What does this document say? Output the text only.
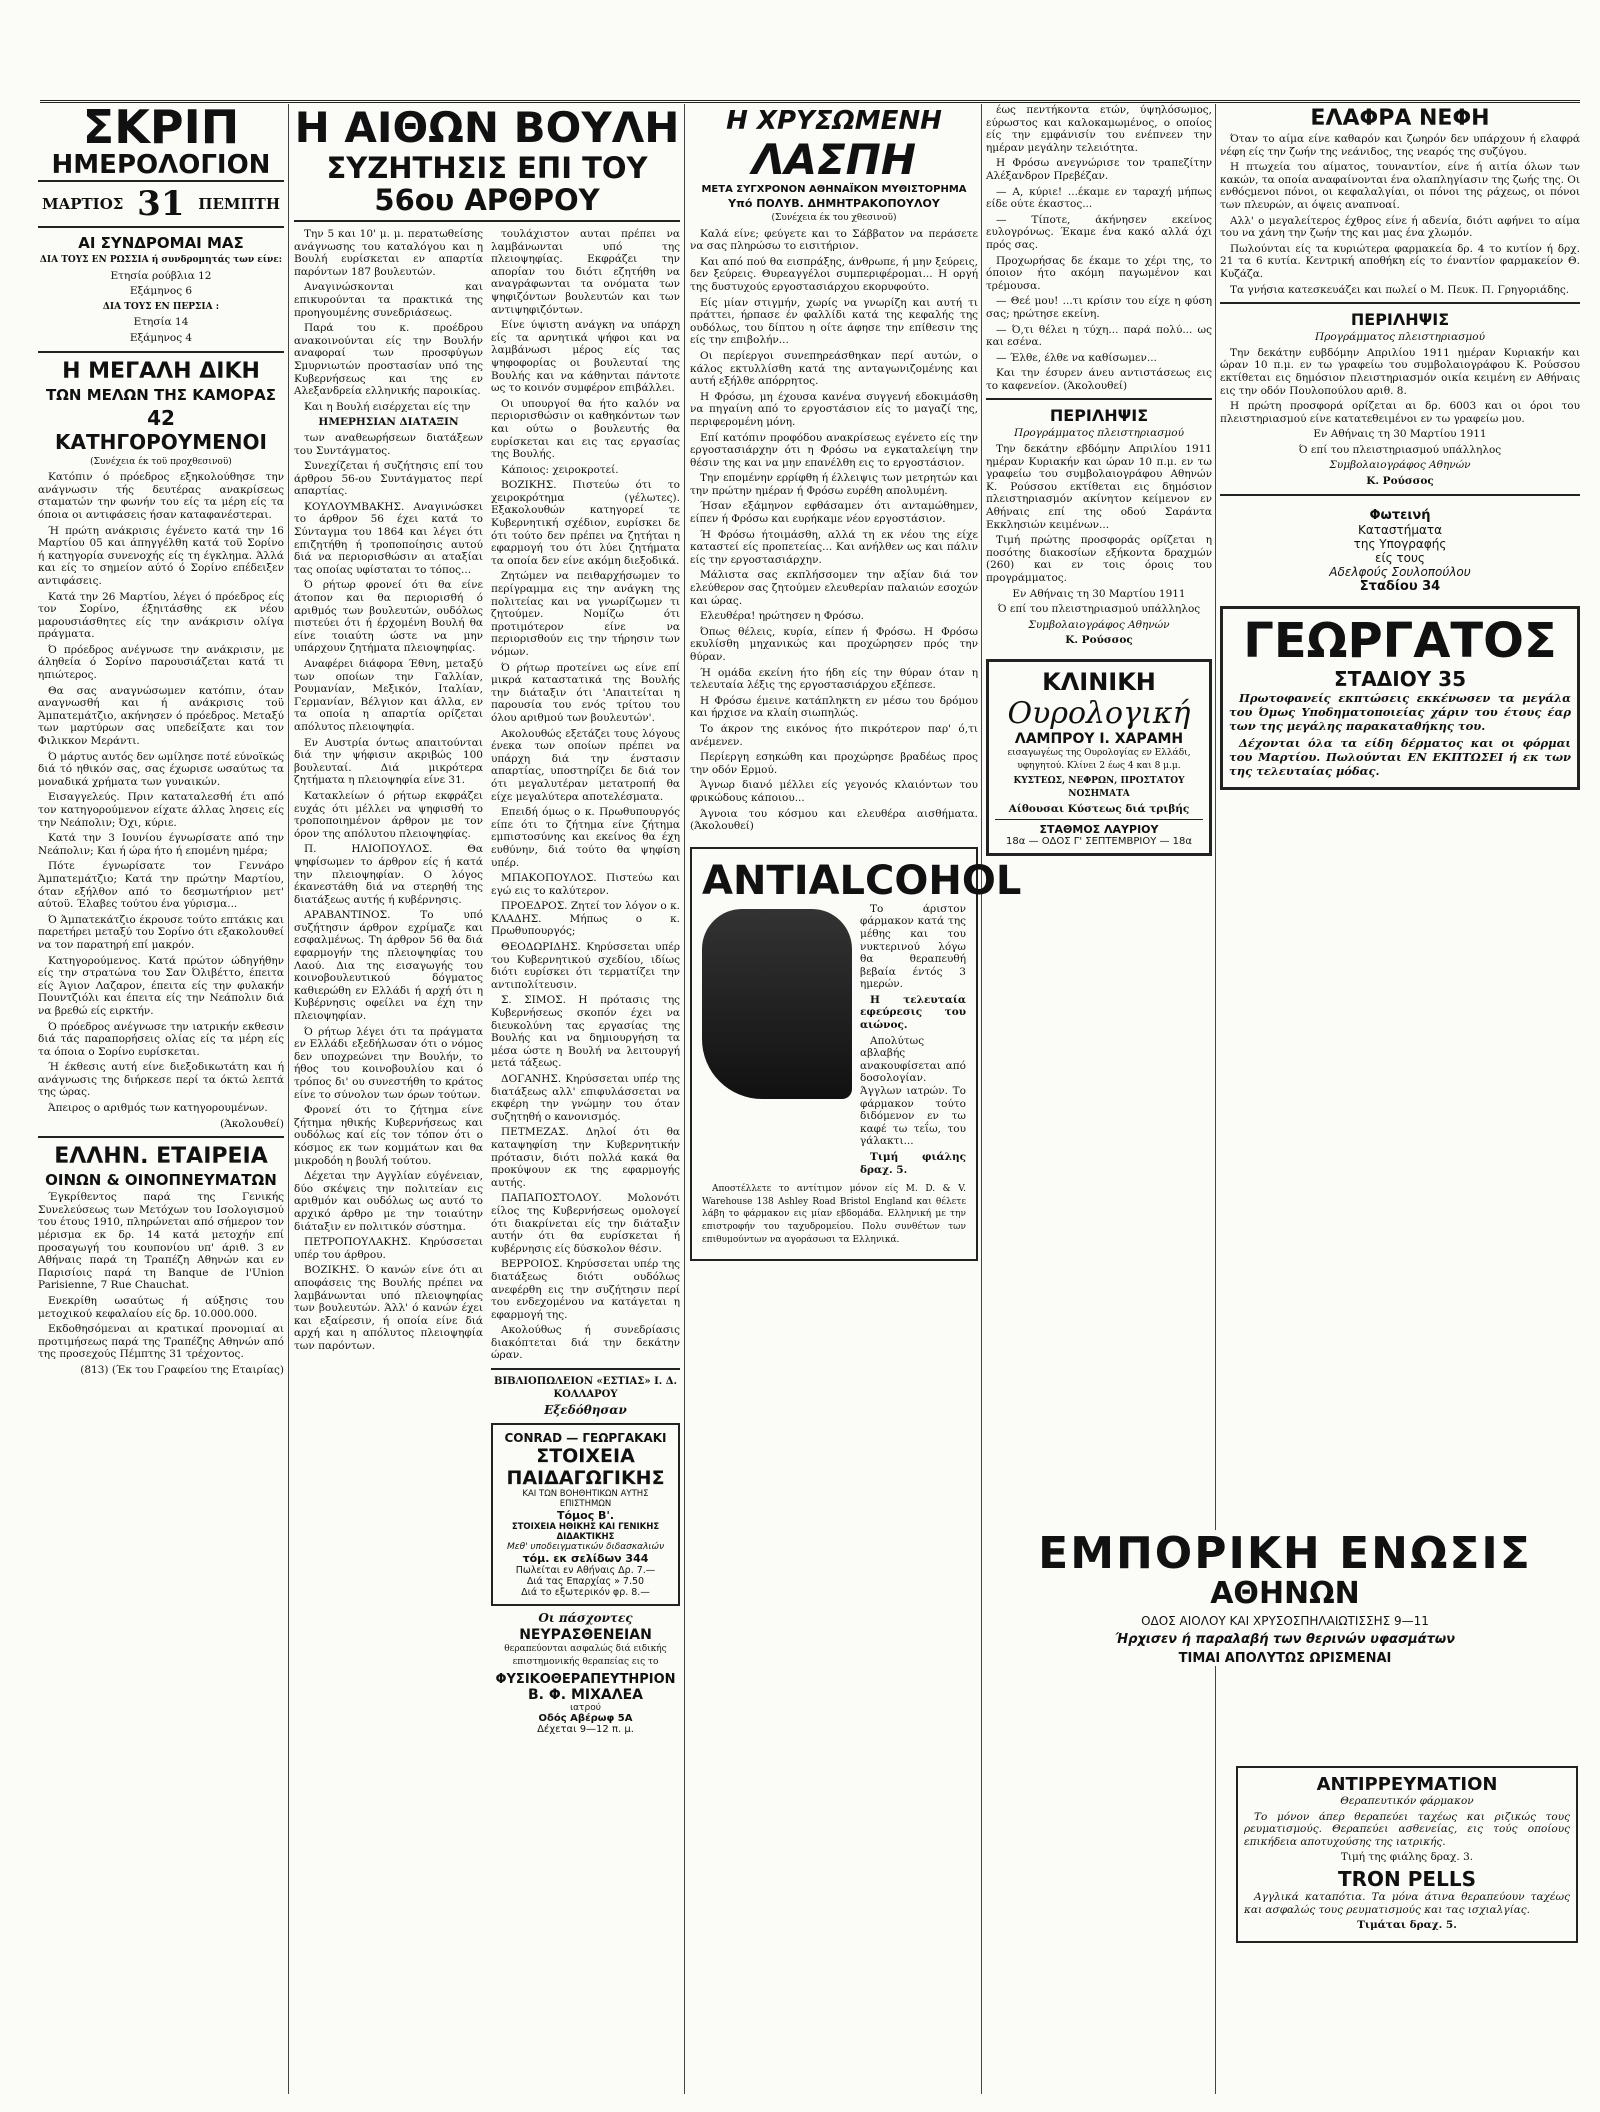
ΣΚΡΙΠ
ΗΜΕΡΟΛΟΓΙΟΝ
ΜΑΡΤΙΟΣ 31 ΠΕΜΠΤΗ
ΑΙ ΣΥΝΔΡΟΜΑΙ ΜΑΣ

ΔΙΑ ΤΟΥΣ ΕΝ ΡΩΣΣΙΑ ή συνδρομητάς των είνε:

Ετησία ρούβλια 12

Εξάμηνος 6

ΔΙΑ ΤΟΥΣ ΕΝ ΠΕΡΣΙΑ :

Ετησία 14

Εξάμηνος 4

Η ΜΕΓΑΛΗ ΔΙΚΗ
ΤΩΝ ΜΕΛΩΝ ΤΗΣ ΚΑΜΟΡΑΣ
42 ΚΑΤΗΓΟΡΟΥΜΕΝΟΙ

(Συνέχεια έκ τοϋ προχθεσινοϋ)

Κατόπιν ό πρόεδρος εξηκολούθησε την ανάγνωσιν τής δευτέρας ανακρίσεως σταματών την φωνήν του είς τα μέρη είς τα όποια οι αντιφάσεις ήσαν καταφανέστεραι.

Ή πρώτη ανάκρισις έγένετο κατά την 16 Μαρτίου 05 και άπηγγέλθη κατά τοϋ Σορίνο ή κατηγορία συνενοχής είς τη έγκλημα. Άλλά και είς το σημείον αύτό ό Σορίνο επέδειξεν αντιφάσεις.

Κατά την 26 Μαρτίου, λέγει ό πρόεδρος είς τον Σορίνο, έξηιτάσθης εκ νέου μαρουσιάσθητες είς την ανάκρισιν ολίγα πράγματα.

Ό πρόεδρος ανέγνωσε την ανάκρισιν, με άληθεία ό Σορίνο παρουσιάζεται κατά τι ηπιώτερος.

Θα σας αναγνώσωμεν κατόπιν, όταν αναγνωσθή και ή ανάκρισις τοϋ Άμπατεμάτζιο, ακήνησεν ό πρόεδρος. Μεταξύ των μαρτύρων σας υπεδείξατε και τον Φιλικκον Μεράντι.

Ό μάρτυς αυτός δεν ωμίλησε ποτέ εύνοϊκώς διά τό ηθικόν σας, σας έχωρισε ωσαύτως τα μοναδικά χρήματα των γυναικών.

Εισαγγελεύς. Πριν καταταλεσθή έτι από τον κατηγορούμενον είχατε άλλας λησεις είς την Νεάπολιν; Όχι, κύριε.

Κατά την 3 Ιουνίου έγνωρίσατε από την Νεάπολιν; Και ή ώρα ήτο ή επομένη ημέρα;

Πότε έγνωρίσατε τον Γεννάρο Άμπατεμάτζιο; Κατά την πρώτην Μαρτίου, όταν εξήλθον από το δεσμωτήριον μετ' αύτοϋ. Έλαβες τούτου ένα γύρισμα...

Ό Άμπατεκάτζιο έκρουσε τούτο επτάκις και παρετήρει μεταξύ του Σορίνο ότι εξακολουθεί να τον παρατηρή επί μακρόν.

Κατηγορούμενος. Κατά πρώτον ώδηγήθην είς την στρατώνα του Σαν Όλιβέττο, έπειτα είς Άγιον Λαζαρον, έπειτα είς την φυλακήν Πουντζιόλι και έπειτα είς την Νεάπολιν διά να βρεθώ είς ειρκτήν.

Ό πρόεδρος ανέγνωσε την ιατρικήν εκθεσιν διά τάς παραπορήσεις ολίας είς τα μέρη είς τα όποια ο Σορίνο ευρίσκεται.

Ή έκθεσις αυτή είνε διεξοδικωτάτη και ή ανάγνωσις της διήρκεσε περί τα όκτώ λεπτά της ώρας.

Άπειρος ο αριθμός των κατηγορουμένων.

(Άκολουθεί)

ΕΛΛΗΝ. ΕΤΑΙΡΕΙΑ
ΟΙΝΩΝ & ΟΙΝΟΠΝΕΥΜΑΤΩΝ

Έγκρίθεντος παρά της Γενικής Συνελεύσεως των Μετόχων του Ισολογισμού του έτους 1910, πληρώνεται από σήμερον τον μέρισμα εκ δρ. 14 κατά μετοχήν επί προσαγωγή του κουπονίου υπ' άριθ. 3 εν Αθήναις παρά τη Τραπέζη Αθηνών και εν Παρισίοις παρά τη Banque de l'Union Parisienne, 7 Rue Chauchat.

Ενεκρίθη ωσαύτως ή αύξησις του μετοχικού κεφαλαίου είς δρ. 10.000.000.

Εκδοθησόμεναι αι κρατικαί προνομιαί αι προτιμήσεως παρά της Τραπέζης Αθηνών από της προσεχούς Πέμπτης 31 τρέχοντος.

(813) (Έκ του Γραφείου της Εταιρίας)

Η ΑΙΘΩΝ ΒΟΥΛΗ
ΣΥΖΗΤΗΣΙΣ ΕΠΙ ΤΟΥ 56ου ΑΡΘΡΟΥ

Την 5 και 10' μ. μ. περατωθείσης ανάγνωσης του καταλόγου και η Βουλή ευρίσκεται εν απαρτία παρόντων 187 βουλευτών.

Αναγινώσκονται και επικυρούνται τα πρακτικά της προηγουμένης συνεδριάσεως.

Παρά του κ. προέδρου ανακοινούνται είς την Βουλήν αναφοραί των προσφύγων Σμυρνιωτών προστασίαν υπό της Κυβερνήσεως και της εν Αλεξανδρεία ελληνικής παροικίας.

Και η Βουλή εισέρχεται είς την

ΗΜΕΡΗΣΙΑΝ ΔΙΑΤΑΞΙΝ

των αναθεωρήσεων διατάξεων του Συντάγματος.

Συνεχίζεται ή συζήτησις επί του άρθρου 56-ου Συντάγματος περί απαρτίας.

ΚΟΥΛΟΥΜΒΑΚΗΣ. Αναγινώσκει το άρθρον 56 έχει κατά το Σύνταγμα του 1864 και λέγει ότι επιζητήθη ή τροποποίησις αυτού διά να περιορισθώσιν αι αταξίαι τας οποίας υφίσταται το τόπος...

Ό ρήτωρ φρονεί ότι θα είνε άτοπον και θα περιορισθή ό αριθμός των βουλευτών, ουδόλως πιστεύει ότι ή έρχομένη Βουλή θα είνε τοιαύτη ώστε να μην υπάρχουν ζητήματα πλειοψηφίας.

Αναφέρει διάφορα Έθνη, μεταξύ των οποίων την Γαλλίαν, Ρουμανίαν, Μεξικόν, Ιταλίαν, Γερμανίαν, Βέλγιον και άλλα, εν τα οποία η απαρτία ορίζεται απόλυτος πλειοψηφία.

Εν Αυστρία όντως απαιτούνται διά την ψήφισιν ακριβώς 100 βουλευταί. Διά μικρότερα ζητήματα η πλειοψηφία είνε 31.

Κατακλείων ό ρήτωρ εκφράζει ευχάς ότι μέλλει να ψηφισθή το τροποποιημένον άρθρον με τον όρον της απόλυτου πλειοψηφίας.

Π. ΗΛΙΟΠΟΥΛΟΣ. Θα ψηφίσωμεν το άρθρον είς ή κατά την πλειοψηφίαν. Ο λόγος έκανεστάθη διά να στερηθή της διατάξεως αυτής ή κυβέρνησις.

ΑΡΑΒΑΝΤΙΝΟΣ. Το υπό συζήτησιν άρθρον εχρίμαζε και εσφαλμένως. Τη άρθρον 56 θα διά εφαρμογήν της πλειοψηφίας του Λαού. Δια της εισαγωγής του κοινοβουλευτικού δόγματος καθιερώθη εν Ελλάδι ή αρχή ότι η Κυβέρνησις οφείλει να έχη την πλειοψηφίαν.

Ό ρήτωρ λέγει ότι τα πράγματα εν Ελλάδι εξεδήλωσαν ότι ο νόμος δεν υποχρεώνει την Βουλήν, το ήθος του κοινοβουλίου και ό τρόπος δι' ου συνεστήθη το κράτος είνε το σύνολον των όρων τούτων.

Φρονεί ότι το ζήτημα είνε ζήτημα ηθικής Κυβερνήσεως και ουδόλως καί είς τον τόπον ότι ο κόσμος εκ των κομμάτων και θα μικροδόη η βουλή τούτου.

Δέχεται την Αγγλίαν εύγένειαν, δύο σκέψεις την πολιτείαν εις αριθμόν και ουδόλως ως αυτό το αρχικό άρθρο με την τοιαύτην διάταξιν εν πολιτικόν σύστημα.

ΠΕΤΡΟΠΟΥΛΑΚΗΣ. Κηρύσσεται υπέρ του άρθρου.

ΒΟΖΙΚΗΣ. Ό κανών είνε ότι αι αποφάσεις της Βουλής πρέπει να λαμβάνωνται υπό πλειοψηφίας των βουλευτών. Άλλ' ό κανών έχει και εξαίρεσιν, ή οποία είνε διά αρχή και η απόλυτος πλειοψηφία των παρόντων.

τουλάχιστον αυται πρέπει να λαμβάνωνται υπό της πλειοψηφίας. Εκφράζει την απορίαν του διότι εζητήθη να αναγράφωνται τα ονόματα των ψηφιζόντων βουλευτών και των αντιψηφιζόντων.

Είνε ύψιστη ανάγκη να υπάρχη είς τα αρνητικά ψήφοι και να λαμβάνωσι μέρος είς τας ψηφοφορίας οι βουλευταί της Βουλής και να κάθηνται πάντοτε ως το κοινόν συμφέρον επιβάλλει.

Οι υπουργοί θα ήτο καλόν να περιορισθώσιν οι καθηκόντων των και ούτω ο βουλευτής θα ευρίσκεται και εις τας εργασίας της Βουλής.

Κάποιος: χειροκροτεί.

ΒΟΖΙΚΗΣ. Πιστεύω ότι το χειροκρότημα (γέλωτες). Εξακολουθών κατηγορεί τε Κυβερνητική σχέδιον, ευρίσκει δε ότι τούτο δεν πρέπει να ζητήται η εφαρμογή του ότι λύει ζητήματα τα οποία δεν είνε ακόμη διεξοδικά.

Ζητώμεν να πειθαρχήσωμεν το περίγραμμα εις την ανάγκη της πολιτείας και να γνωρίζωμεν τι ζητούμεν. Νομίζω ότι προτιμότερον είνε να περιορισθούν εις την τήρησιν των νόμων.

Ό ρήτωρ προτείνει ως είνε επί μικρά καταστατικά της Βουλής την διάταξιν ότι 'Απαιτείται η παρουσία του ενός τρίτου του όλου αριθμού των βουλευτών'.

Ακολουθώς εξετάζει τους λόγους ένεκα των οποίων πρέπει να υπάρχη διά την ένστασιν απαρτίας, υποστηρίζει δε διά τον ότι μεγαλυτέραν μετατροπή θα είχε μεγαλύτερα αποτελέσματα.

Επειδή όμως ο κ. Πρωθυπουργός είπε ότι το ζήτημα είνε ζήτημα εμπιστοσύνης και εκείνος θα έχη ευθύνην, διά τούτο θα ψηφίση υπέρ.

ΜΠΑΚΟΠΟΥΛΟΣ. Πιστεύω και εγώ εις το καλύτερον.

ΠΡΟΕΔΡΟΣ. Ζητεί τον λόγον ο κ. ΚΛΑΔΗΣ. Μήπως ο κ. Πρωθυπουργός;

ΘΕΟΔΩΡΙΔΗΣ. Κηρύσσεται υπέρ του Κυβερνητικού σχεδίου, ιδίως διότι ευρίσκει ότι τερματίζει την αντιπολίτευσιν.

Σ. ΣΙΜΟΣ. Η πρότασις της Κυβερνήσεως σκοπόν έχει να διευκολύνη τας εργασίας της Βουλής και να δημιουργήση τα μέσα ώστε η Βουλή να λειτουργή μετά τάξεως.

ΔΟΓΑΝΗΣ. Κηρύσσεται υπέρ της διατάξεως αλλ' επιφυλάσσεται να εκφέρη την γνώμην του όταν συζητηθή ο κανονισμός.

ΠΕΤΜΕΖΑΣ. Δηλοί ότι θα καταψηφίση την Κυβερνητικήν πρότασιν, διότι πολλά κακά θα προκύψουν εκ της εφαρμογής αυτής.

ΠΑΠΑΠΟΣΤΟΛΟΥ. Μολονότι είλος της Κυβερνήσεως ομολογεί ότι διακρίνεται είς την διάταξιν αυτήν ότι θα ευρίσκεται ή κυβέρνησις είς δύσκολον θέσιν.

ΒΕΡΡΟΙΟΣ. Κηρύσσεται υπέρ της διατάξεως διότι ουδόλως ανεφέρθη εις την συζήτησιν περί του ενδεχομένου να κατάγεται η εφαρμογή της.

Ακολούθως ή συνεδρίασις διακόπτεται διά την δεκάτην ώραν.

ΒΙΒΛΙΟΠΩΛΕΙΟΝ «ΕΣΤΙΑΣ» Ι. Δ. ΚΟΛΛΑΡΟΥ

Εξεδόθησαν

CONRAD — ΓΕΩΡΓΑΚΑΚΙ
ΣΤΟΙΧΕΙΑ ΠΑΙΔΑΓΩΓΙΚΗΣ
ΚΑΙ ΤΩΝ ΒΟΗΘΗΤΙΚΩΝ ΑΥΤΗΣ ΕΠΙΣΤΗΜΩΝ
Τόμος Β'.
ΣΤΟΙΧΕΙΑ ΗΘΙΚΗΣ ΚΑΙ ΓΕΝΙΚΗΣ ΔΙΔΑΚΤΙΚΗΣ
Μεθ' υποδειγματικών διδασκαλιών
τόμ. εκ σελίδων 344
Πωλείται εν Αθήναις Δρ. 7.—
Διά τας Επαρχίας » 7.50
Διά το εξωτερικόν φρ. 8.—

Οι πάσχοντες

ΝΕΥΡΑΣΘΕΝΕΙΑΝ

θεραπεύονται ασφαλώς διά ειδικής επιστημονικής θεραπείας εις το

ΦΥΣΙΚΟΘΕΡΑΠΕΥΤΗΡΙΟΝ
Β. Φ. ΜΙΧΑΛΕΑ
ιατρού
Οδός Αβέρωφ 5Α
Δέχεται 9—12 π. μ.
Η ΧΡΥΣΩΜΕΝΗ
ΛΑΣΠΗ
ΜΕΤΑ ΣΥΓΧΡΟΝΟΝ ΑΘΗΝΑΪΚΟΝ ΜΥΘΙΣΤΟΡΗΜΑ
Υπό ΠΟΛΥΒ. ΔΗΜΗΤΡΑΚΟΠΟΥΛΟΥ

(Συνέχεια έκ του χθεσινοϋ)

Καλά είνε; φεύγετε και το Σάββατον να περάσετε να σας πληρώσω το εισιτήριον.

Και από πού θα εισπράξης, άνθρωπε, ή μην ξεύρεις, δεν ξεύρεις. Θυρεαγγέλοι συμπεριφέρομαι... Η οργή της δυστυχούς εργοστασιάρχου εκορυφούτο.

Είς μίαν στιγμήν, χωρίς να γνωρίζη και αυτή τι πράττει, ήρπασε έν φαλλίδι κατά της κεφαλής της ουδόλως, του δίπτου η οίτε άφησε την επίθεσιν της είς την επιβολήν...

Οι περίεργοι συνεπηρεάσθηκαν περί αυτών, ο κάλος εκτυλλίσθη κατά της ανταγωνιζομένης και αυτή εξήλθε απόρρητος.

Η Φρόσω, μη έχουσα κανένα συγγενή εδοκιμάσθη να πηγαίνη από το εργοστάσιον είς το μαγαζί της, περιφερομένη μόνη.

Επί κατόπιν προφόδου ανακρίσεως εγένετο είς την εργοστασιάρχην ότι η Φρόσω να εγκαταλείψη την θέσιν της και να μην επανέλθη εις το εργοστάσιον.

Την επομένην ερρίφθη ή έλλειψις των μετρητών και την πρώτην ημέραν ή Φρόσω ευρέθη απολυμένη.

Ήσαν εξάμηνον εφθάσαμεν ότι ανταμώθημεν, είπεν ή Φρόσω και ευρήκαμε νέον εργοστάσιον.

Ή Φρόσω ήτοιμάσθη, αλλά τη εκ νέου της είχε καταστεί είς προπετείας... Και ανήλθεν ως και πάλιν είς την εργοστασιάρχην.

Μάλιστα σας εκπλήσσομεν την αξίαν διά τον ελεύθερον σας ζητούμεν ελευθερίαν παλαιών εσοχών και ώρας.

Ελευθέρα! ηρώτησεν η Φρόσω.

Όπως θέλεις, κυρία, είπεν ή Φρόσω. Η Φρόσω εκυλίσθη μηχανικώς και προχώρησεν πρός την θύραν.

Ή ομάδα εκείνη ήτο ήδη είς την θύραν όταν η τελευταία λέξις της εργοστασιάρχου εξέπεσε.

Η Φρόσω έμεινε κατάπληκτη εν μέσω του δρόμου και ήρχισε να κλαίη σιωπηλώς.

Το άκρον της εικόνος ήτο πικρότερον παρ' ό,τι ανέμενεν.

Περίεργη εσηκώθη και προχώρησε βραδέως προς την οδόν Ερμού.

Άγνωρ διανό μέλλει είς γεγονός κλαιόντων του φρικώδους κάποιου...

Άγνοια του κόσμου και ελευθέρα αισθήματα. (Άκολουθεί)

ANTIALCOHOL

Το άριστον φάρμακον κατά της μέθης και του νυκτερινού λόγω θα θεραπευθή βεβαία έντός 3 ημερών.

Η τελευταία εφεύρεσις του αιώνος.

Απολύτως αβλαβής ανακουφίσεται από δοσολογίαν. Άγγλων ιατρών. Το φάρμακον τούτο διδόμενον εν τω καφέ τω τεΐω, του γάλακτι...

Τιμή φιάλης δραχ. 5.

Αποστέλλετε το αντίτιμον μόνον είς M. D. & V. Warehouse 138 Ashley Road Bristol England και θέλετε λάβη το φάρμακον εις μίαν εβδομάδα. Ελληνική με την επιστροφήν του ταχυδρομείου. Πολυ συνθέτων των επιθυμούντων να αγοράσωσι τα Ελληνικά.

έως πεντήκοντα ετών, ύψηλόσωμος, εύρωστος και καλοκαμωμένος, ο οποίος είς την εμφάνισίν του ενέπνεεν την ημέραν μεγάλην τελειότητα.

Η Φρόσω ανεγνώρισε τον τραπεζίτην Αλέξανδρον Πρεβέζαν.

— Α, κύριε! ...έκαμε εν ταραχή μήπως είδε ούτε έκαστος...

— Τίποτε, άκήνησεν εκείνος ευλογρόνως. Έκαμε ένα κακό αλλά όχι πρός σας.

Προχωρήσας δε έκαμε το χέρι της, το όποιον ήτο ακόμη παγωμένον και τρέμουσα.

— Θεέ μου! ...τι κρίσιν του είχε η φύση σας; ηρώτησε εκείνη.

— Ό,τι θέλει η τύχη... παρά πολύ... ως και εσένα.

— Έλθε, έλθε να καθίσωμεν...

Και την έσυρεν άνευ αντιστάσεως εις το καφενείον. (Άκολουθεί)

ΠΕΡΙΛΗΨΙΣ

Προγράμματος πλειστηριασμού

Την δεκάτην εβδόμην Απριλίου 1911 ημέραν Κυριακήν και ώραν 10 π.μ. εν τω γραφείω του συμβολαιογράφου Αθηνών Κ. Ρούσσου εκτίθεται εις δημόσιον πλειστηριασμόν ακίνητον κείμενον εν Αθήναις επί της οδού Σαράντα Εκκλησιών κειμένων...

Τιμή πρώτης προσφοράς ορίζεται η ποσότης διακοσίων εξήκοντα δραχμών (260) και εν τοις όροις του προγράμματος.

Εν Αθήναις τη 30 Μαρτίου 1911

Ό επί του πλειστηριασμού υπάλληλος

Συμβολαιογράφος Αθηνών

Κ. Ρούσσος

ΚΛΙΝΙΚΗ
Ουρολογική
ΛΑΜΠΡΟΥ Ι. ΧΑΡΑΜΗ

εισαγωγέως της Ουρολογίας εν Ελλάδι, υφηγητού. Κλίνει 2 έως 4 και 8 μ.μ.

ΚΥΣΤΕΩΣ, ΝΕΦΡΩΝ, ΠΡΟΣΤΑΤΟΥ ΝΟΣΗΜΑΤΑ

Αίθουσαι Κύστεως διά τριβής

ΣΤΑΘΜΟΣ ΛΑΥΡΙΟΥ
18α — ΟΔΟΣ Γ' ΣΕΠΤΕΜΒΡΙΟΥ — 18α
ΕΛΑΦΡΑ ΝΕΦΗ

Όταν το αίμα είνε καθαρόν και ζωηρόν δεν υπάρχουν ή ελαφρά νέφη είς την ζωήν της νεάνιδος, της νεαρός της συζύγου.

Η πτωχεία του αίματος, τουναντίον, είνε ή αιτία όλων των κακών, τα οποία αναφαίνονται ένα ολαπληγίασιν της ζωής της. Οι ενθόςμενοι πόνοι, οι κεφαλαλγίαι, οι πόνοι της ράχεως, οι πόνοι των πλευρών, αι όψεις αναπνοαί.

Αλλ' ο μεγαλείτερος έχθρος είνε ή αδενία, διότι αφήνει το αίμα του να χάνη την ζωήν της και μας ένα χλωμόν.

Πωλούνται είς τα κυριώτερα φαρμακεία δρ. 4 το κυτίον ή δρχ. 21 τα 6 κυτία. Κεντρική αποθήκη είς το έναντίον φαρμακείον Θ. Κυζάζα.

Τα γνήσια κατεσκευάζει και πωλεί ο Μ. Πευκ. Π. Γρηγοριάδης.

ΠΕΡΙΛΗΨΙΣ

Προγράμματος πλειστηριασμού

Την δεκάτην ευβδόμην Απριλίου 1911 ημέραν Κυριακήν και ώραν 10 π.μ. εν τω γραφείω του συμβολαιογράφου Κ. Ρούσσου εκτίθεται εις δημόσιον πλειστηριασμόν οικία κειμένη εν Αθήναις εις την οδόν Πουλοπούλου αριθ. 8.

Η πρώτη προσφορά ορίζεται αι δρ. 6003 και οι όροι του πλειστηριασμού είνε κατατεθειμένοι εν τω γραφείω μου.

Εν Αθήναις τη 30 Μαρτίου 1911

Ό επί του πλειστηριασμού υπάλληλος

Συμβολαιογράφος Αθηνών

Κ. Ρούσσος

Φωτεινή
Καταστήματα
της Υπογραφής
είς τους
Αδελφούς Σουλοπούλου
Σταδίου 34
ΓΕΩΡΓΑΤΟΣ
ΣΤΑΔΙΟΥ 35

Πρωτοφανείς εκπτώσεις εκκένωσεν τα μεγάλα του Όμως Υποδηματοποιείας χάριν του έτους έαρ των της μεγάλης παρακαταθήκης του.

Δέχονται όλα τα είδη δέρματος και οι φόρμαι του Μαρτίου. Πωλούνται ΕΝ ΕΚΠΤΩΣΕΙ ή εκ των της τελευταίας μόδας.

ΕΜΠΟΡΙΚΗ ΕΝΩΣΙΣ
ΑΘΗΝΩΝ
ΟΔΟΣ ΑΙΟΛΟΥ ΚΑΙ ΧΡΥΣΟΣΠΗΛΑΙΩΤΙΣΣΗΣ 9—11
Ήρχισεν ή παραλαβή των θερινών υφασμάτων
ΤΙΜΑΙ ΑΠΟΛΥΤΩΣ ΩΡΙΣΜΕΝΑΙ
ΑΝΤΙΡΡΕΥΜΑΤΙΟΝ

Θεραπευτικόν φάρμακον

Το μόνον άπερ θεραπεύει ταχέως και ριζικώς τους ρευματισμούς. Θεραπεύει ασθενείας, εις τούς οποίους επικήδεια αποτυχούσης της ιατρικής.

Τιμή της φιάλης δραχ. 3.

TRON PELLS

Αγγλικά καταπότια. Τα μόνα άτινα θεραπεύουν ταχέως και ασφαλώς τους ρευματισμούς και τας ισχιαλγίας.

Τιμάται δραχ. 5.
